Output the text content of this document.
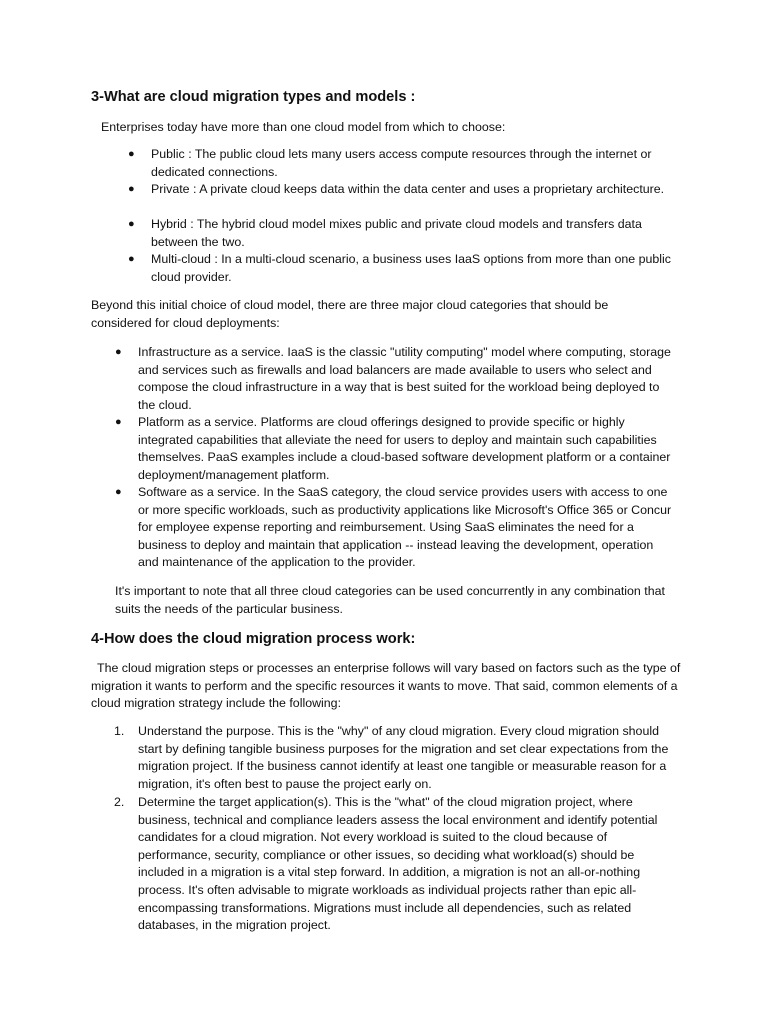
3-What are cloud migration types and models :

Enterprises today have more than one cloud model from which to choose:

● Public : The public cloud lets many users access compute resources through the internet or dedicated connections.
● Private : A private cloud keeps data within the data center and uses a proprietary architecture.
● Hybrid : The hybrid cloud model mixes public and private cloud models and transfers data between the two.
● Multi-cloud : In a multi-cloud scenario, a business uses IaaS options from more than one public cloud provider.

Beyond this initial choice of cloud model, there are three major cloud categories that should be considered for cloud deployments:

● Infrastructure as a service. IaaS is the classic "utility computing" model where computing, storage and services such as firewalls and load balancers are made available to users who select and compose the cloud infrastructure in a way that is best suited for the workload being deployed to the cloud.
● Platform as a service. Platforms are cloud offerings designed to provide specific or highly integrated capabilities that alleviate the need for users to deploy and maintain such capabilities themselves. PaaS examples include a cloud-based software development platform or a container deployment/management platform.
● Software as a service. In the SaaS category, the cloud service provides users with access to one or more specific workloads, such as productivity applications like Microsoft's Office 365 or Concur for employee expense reporting and reimbursement. Using SaaS eliminates the need for a business to deploy and maintain that application -- instead leaving the development, operation and maintenance of the application to the provider.

It's important to note that all three cloud categories can be used concurrently in any combination that suits the needs of the particular business.

4-How does the cloud migration process work:

The cloud migration steps or processes an enterprise follows will vary based on factors such as the type of migration it wants to perform and the specific resources it wants to move. That said, common elements of a cloud migration strategy include the following:

1. Understand the purpose. This is the "why" of any cloud migration. Every cloud migration should start by defining tangible business purposes for the migration and set clear expectations from the migration project. If the business cannot identify at least one tangible or measurable reason for a migration, it's often best to pause the project early on.
2. Determine the target application(s). This is the "what" of the cloud migration project, where business, technical and compliance leaders assess the local environment and identify potential candidates for a cloud migration. Not every workload is suited to the cloud because of performance, security, compliance or other issues, so deciding what workload(s) should be included in a migration is a vital step forward. In addition, a migration is not an all-or-nothing process. It's often advisable to migrate workloads as individual projects rather than epic all-encompassing transformations. Migrations must include all dependencies, such as related databases, in the migration project.
